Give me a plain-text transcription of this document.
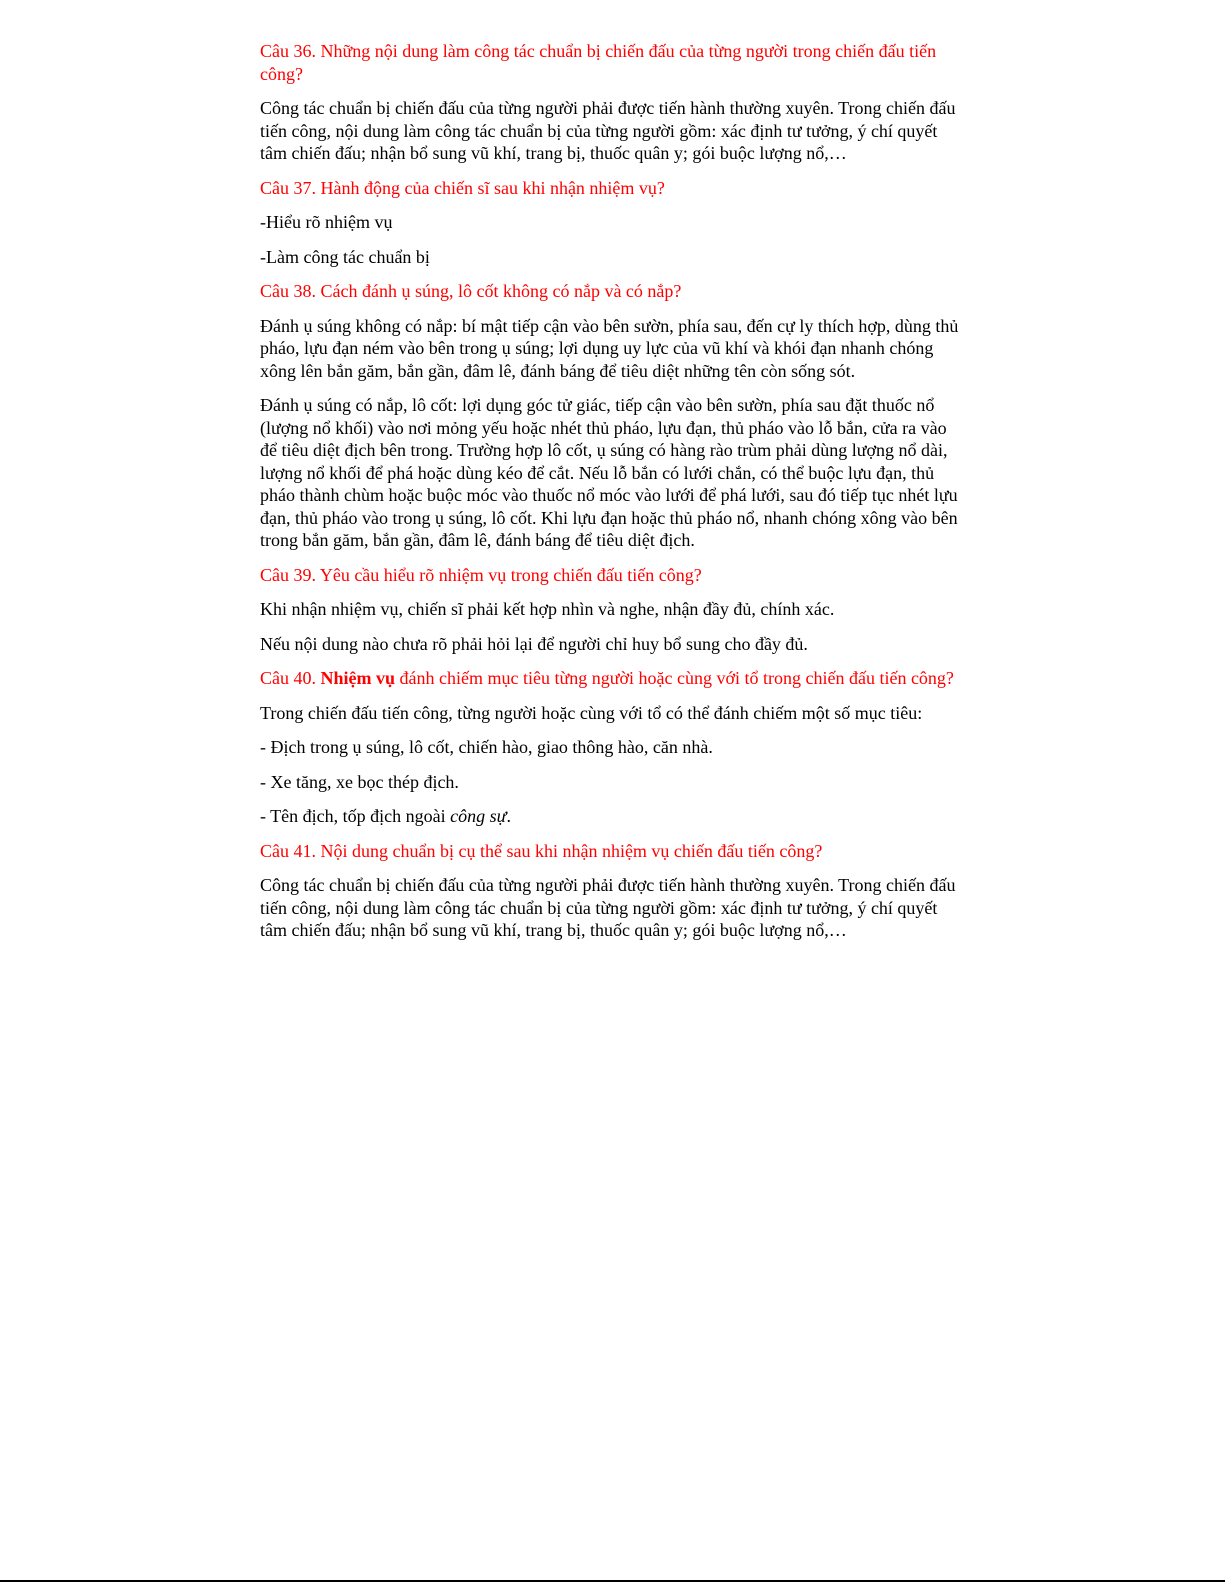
Câu 36. Những nội dung làm công tác chuẩn bị chiến đấu của từng người trong chiến đấu tiến công?

Công tác chuẩn bị chiến đấu của từng người phải được tiến hành thường xuyên. Trong chiến đấu tiến công, nội dung làm công tác chuẩn bị của từng người gồm: xác định tư tưởng, ý chí quyết tâm chiến đấu; nhận bổ sung vũ khí, trang bị, thuốc quân y; gói buộc lượng nổ,…

Câu 37. Hành động của chiến sĩ sau khi nhận nhiệm vụ?

-Hiểu rõ nhiệm vụ

-Làm công tác chuẩn bị

Câu 38. Cách đánh ụ súng, lô cốt không có nắp và có nắp?

Đánh ụ súng không có nắp: bí mật tiếp cận vào bên sườn, phía sau, đến cự ly thích hợp, dùng thủ pháo, lựu đạn ném vào bên trong ụ súng; lợi dụng uy lực của vũ khí và khói đạn nhanh chóng xông lên bắn găm, bắn gần, đâm lê, đánh báng để tiêu diệt những tên còn sống sót.

Đánh ụ súng có nắp, lô cốt: lợi dụng góc tử giác, tiếp cận vào bên sườn, phía sau đặt thuốc nổ (lượng nổ khối) vào nơi mỏng yếu hoặc nhét thủ pháo, lựu đạn, thủ pháo vào lỗ bắn, cửa ra vào để tiêu diệt địch bên trong. Trường hợp lô cốt, ụ súng có hàng rào trùm phải dùng lượng nổ dài, lượng nổ khối để phá hoặc dùng kéo để cắt. Nếu lỗ bắn có lưới chắn, có thể buộc lựu đạn, thủ pháo thành chùm hoặc buộc móc vào thuốc nổ móc vào lưới để phá lưới, sau đó tiếp tục nhét lựu đạn, thủ pháo vào trong ụ súng, lô cốt. Khi lựu đạn hoặc thủ pháo nổ, nhanh chóng xông vào bên trong bắn găm, bắn gần, đâm lê, đánh báng để tiêu diệt địch.

Câu 39. Yêu cầu hiểu rõ nhiệm vụ trong chiến đấu tiến công?

Khi nhận nhiệm vụ, chiến sĩ phải kết hợp nhìn và nghe, nhận đầy đủ, chính xác.

Nếu nội dung nào chưa rõ phải hỏi lại để người chỉ huy bổ sung cho đầy đủ.

Câu 40. Nhiệm vụ đánh chiếm mục tiêu từng người hoặc cùng với tổ trong chiến đấu tiến công?

Trong chiến đấu tiến công, từng người hoặc cùng với tổ có thể đánh chiếm một số mục tiêu:

- Địch trong ụ súng, lô cốt, chiến hào, giao thông hào, căn nhà.

- Xe tăng, xe bọc thép địch.

- Tên địch, tốp địch ngoài công sự.

Câu 41. Nội dung chuẩn bị cụ thể sau khi nhận nhiệm vụ chiến đấu tiến công?

Công tác chuẩn bị chiến đấu của từng người phải được tiến hành thường xuyên. Trong chiến đấu tiến công, nội dung làm công tác chuẩn bị của từng người gồm: xác định tư tưởng, ý chí quyết tâm chiến đấu; nhận bổ sung vũ khí, trang bị, thuốc quân y; gói buộc lượng nổ,…
